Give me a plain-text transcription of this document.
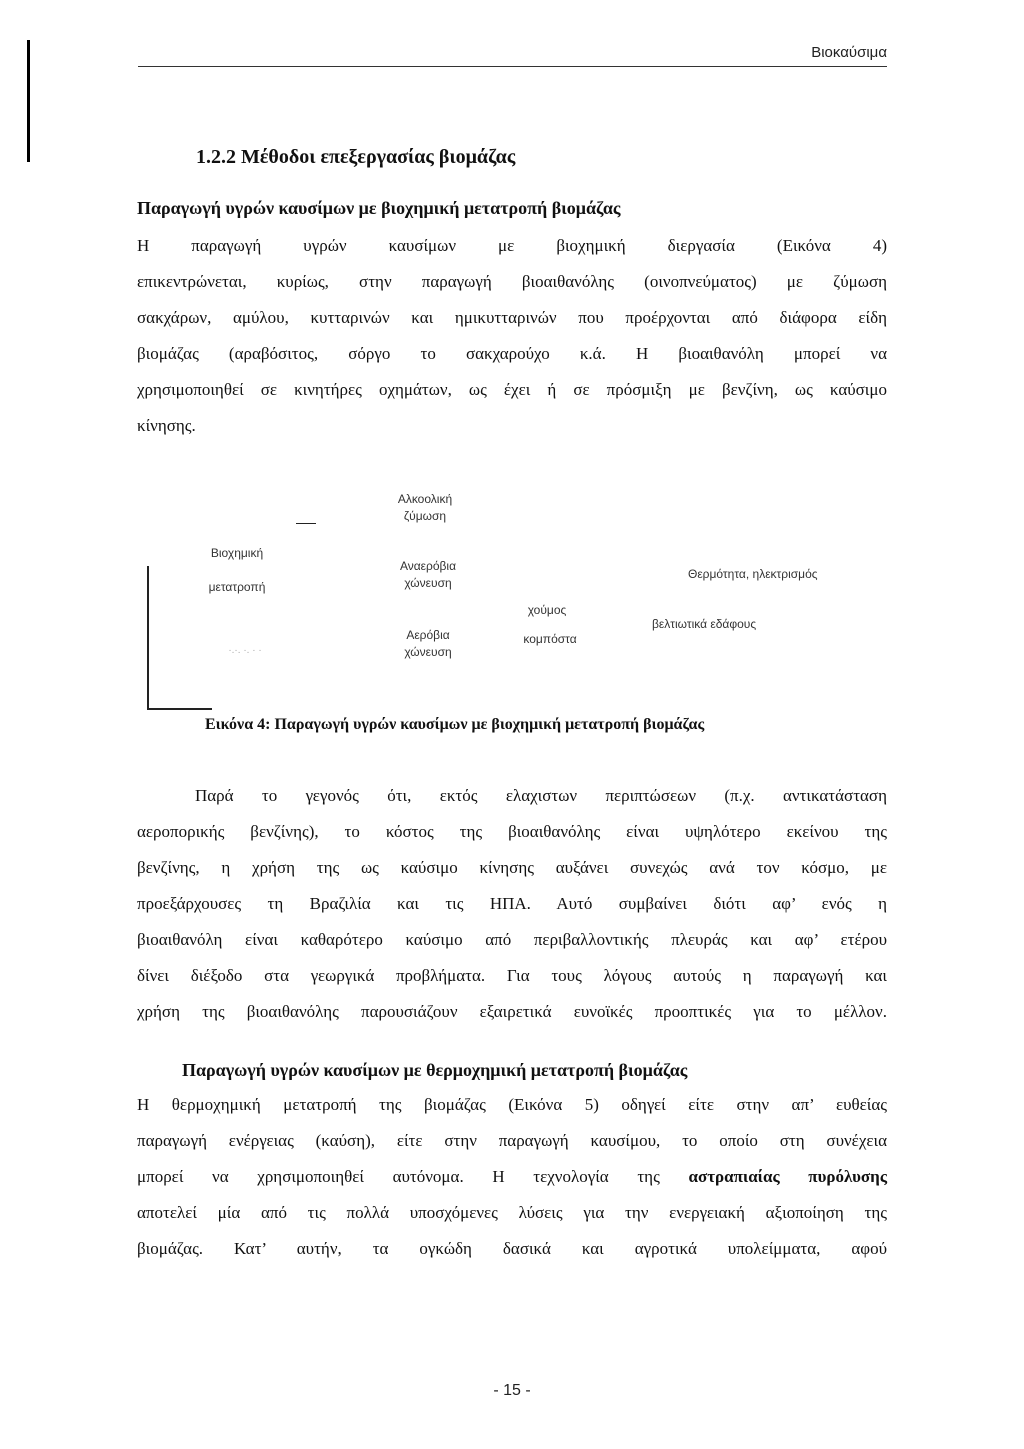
Βιοκαύσιμα
1.2.2 Μέθοδοι επεξεργασίας βιομάζας
Παραγωγή υγρών καυσίμων με βιοχημική μετατροπή βιομάζας
Η παραγωγή υγρών καυσίμων με βιοχημική διεργασία (Εικόνα 4)
επικεντρώνεται, κυρίως, στην παραγωγή βιοαιθανόλης (οινοπνεύματος) με ζύμωση
σακχάρων, αμύλου, κυτταρινών και ημικυτταρινών που προέρχονται από διάφορα είδη
βιομάζας (αραβόσιτος, σόργο το σακχαρούχο κ.ά. Η βιοαιθανόλη μπορεί να
χρησιμοποιηθεί σε κινητήρες οχημάτων, ως έχει ή σε πρόσμιξη με βενζίνη, ως καύσιμο
κίνησης.
Αλκοολική
ζύμωση
Βιοχημική

μετατροπή
Αναερόβια
χώνευση
Θερμότητα, ηλεκτρισμός
χούμος
βελτιωτικά εδάφους
Αερόβια
χώνευση
κομπόστα
·.·. ·. · ·
Εικόνα 4: Παραγωγή υγρών καυσίμων με βιοχημική μετατροπή βιομάζας
Παρά το γεγονός ότι, εκτός ελαχιστων περιπτώσεων (π.χ. αντικατάσταση
αεροπορικής βενζίνης), το κόστος της βιοαιθανόλης είναι υψηλότερο εκείνου της
βενζίνης, η χρήση της ως καύσιμο κίνησης αυξάνει συνεχώς ανά τον κόσμο, με
προεξάρχουσες τη Βραζιλία και τις ΗΠΑ. Αυτό συμβαίνει διότι αφ’ ενός η
βιοαιθανόλη είναι καθαρότερο καύσιμο από περιβαλλοντικής πλευράς και αφ’ ετέρου
δίνει διέξοδο στα γεωργικά προβλήματα. Για τους λόγους αυτούς η παραγωγή και
χρήση της βιοαιθανόλης παρουσιάζουν εξαιρετικά ευνοϊκές προοπτικές για το μέλλον.
Παραγωγή υγρών καυσίμων με θερμοχημική μετατροπή βιομάζας
Η θερμοχημική μετατροπή της βιομάζας (Εικόνα 5) οδηγεί είτε στην απ’ ευθείας
παραγωγή ενέργειας (καύση), είτε στην παραγωγή καυσίμου, το οποίο στη συνέχεια
μπορεί να χρησιμοποιηθεί αυτόνομα. Η τεχνολογία της αστραπιαίας πυρόλυσης
αποτελεί μία από τις πολλά υποσχόμενες λύσεις για την ενεργειακή αξιοποίηση της
βιομάζας. Κατ’ αυτήν, τα ογκώδη δασικά και αγροτικά υπολείμματα, αφού
- 15 -
